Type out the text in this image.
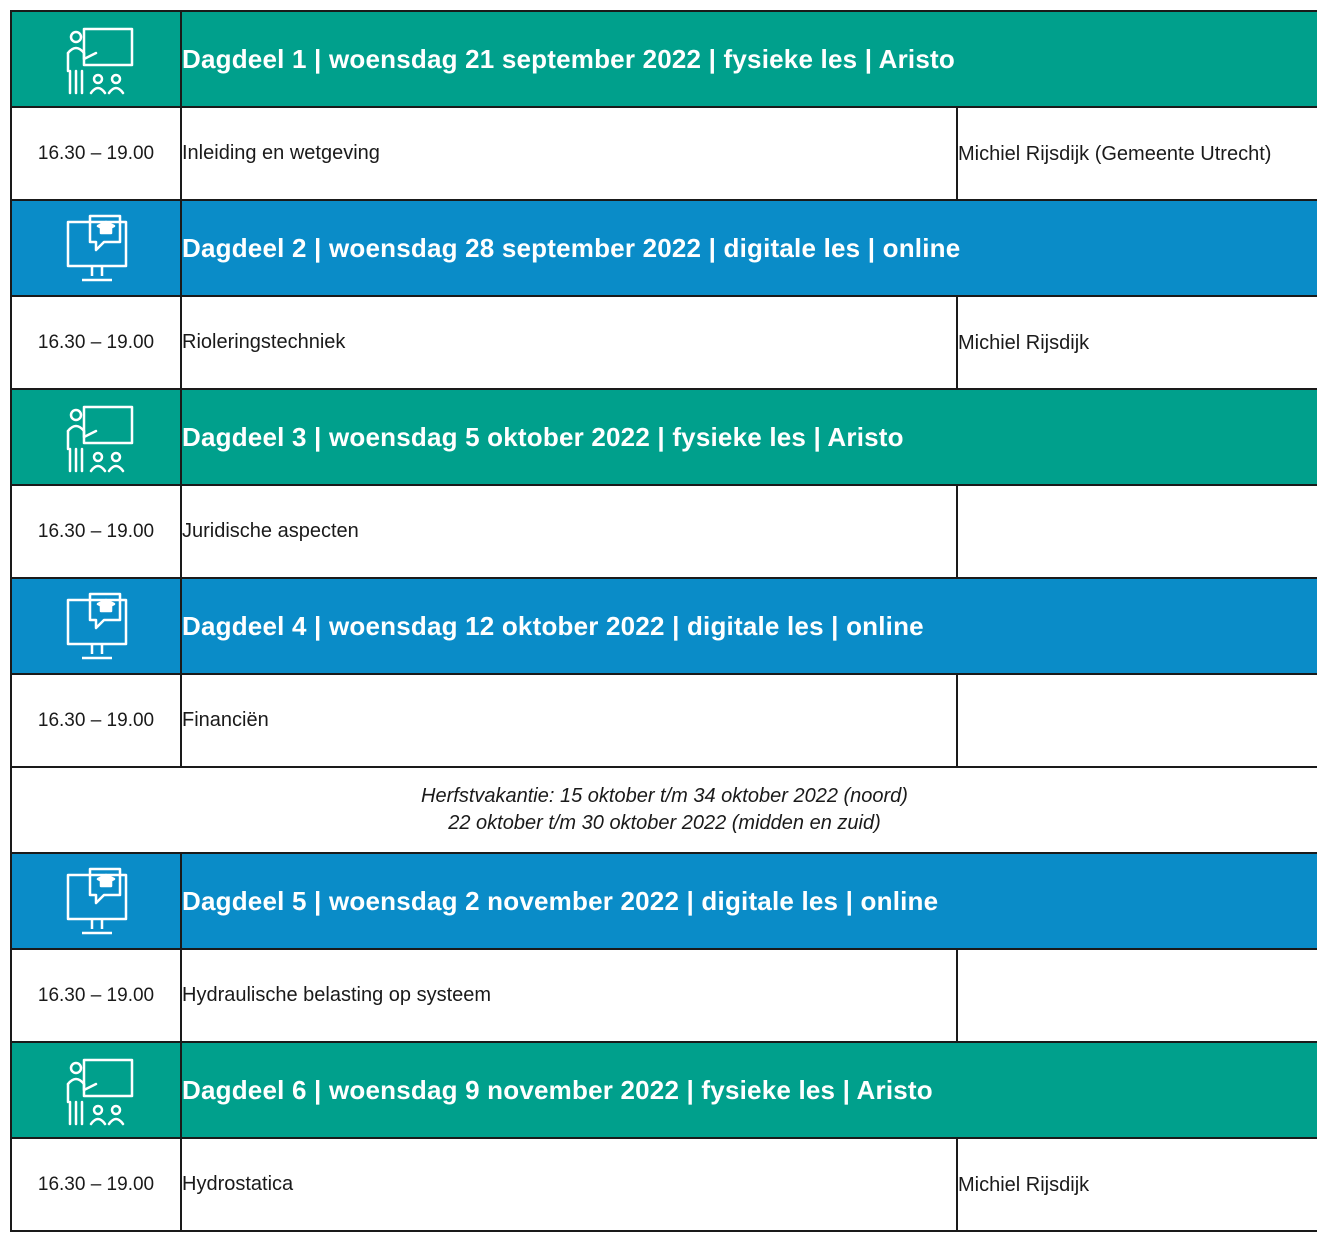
	Dagdeel 1 | woensdag 21 september 2022 | fysieke les | Aristo	
16.30 – 19.00	Inleiding en wetgeving	Michiel Rijsdijk (Gemeente Utrecht)

	Dagdeel 2 | woensdag 28 september 2022 | digitale les | online	
16.30 – 19.00	Rioleringstechniek	Michiel Rijsdijk

	Dagdeel 3 | woensdag 5 oktober 2022 | fysieke les | Aristo	
16.30 – 19.00	Juridische aspecten	

	Dagdeel 4 | woensdag 12 oktober 2022 | digitale les | online	
16.30 – 19.00	Financiën	

Herfstvakantie: 15 oktober t/m 34 oktober 2022 (noord)
22 oktober t/m 30 oktober 2022 (midden en zuid)		

	Dagdeel 5 | woensdag 2 november 2022 | digitale les | online	
16.30 – 19.00	Hydraulische belasting op systeem	

	Dagdeel 6 | woensdag 9 november 2022 | fysieke les | Aristo	
16.30 – 19.00	Hydrostatica	Michiel Rijsdijk
